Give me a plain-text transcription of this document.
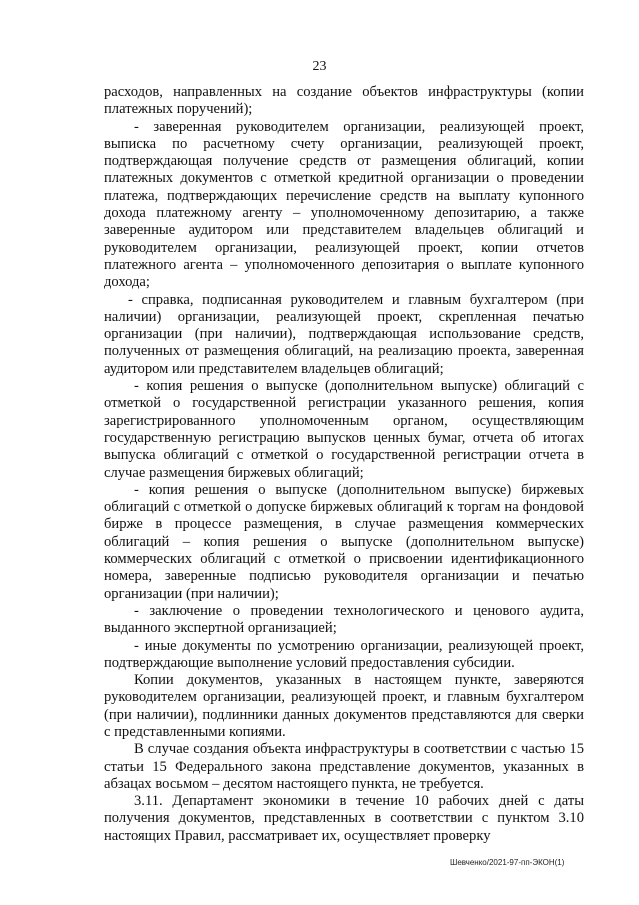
23

расходов, направленных на создание объектов инфраструктуры (копии платежных поручений);

- заверенная руководителем организации, реализующей проект, выписка по расчетному счету организации, реализующей проект, подтверждающая получение средств от размещения облигаций, копии платежных документов с отметкой кредитной организации о проведении платежа, подтверждающих перечисление средств на выплату купонного дохода платежному агенту – уполномоченному депозитарию, а также заверенные аудитором или представителем владельцев облигаций и руководителем организации, реализующей проект, копии отчетов платежного агента – уполномоченного депозитария о выплате купонного дохода;

- справка, подписанная руководителем и главным бухгалтером (при наличии) организации, реализующей проект, скрепленная печатью организации (при наличии), подтверждающая использование средств, полученных от размещения облигаций, на реализацию проекта, заверенная аудитором или представителем владельцев облигаций;

- копия решения о выпуске (дополнительном выпуске) облигаций с отметкой о государственной регистрации указанного решения, копия зарегистрированного уполномоченным органом, осуществляющим государственную регистрацию выпусков ценных бумаг, отчета об итогах выпуска облигаций с отметкой о государственной регистрации отчета в случае размещения биржевых облигаций;

- копия решения о выпуске (дополнительном выпуске) биржевых облигаций с отметкой о допуске биржевых облигаций к торгам на фондовой бирже в процессе размещения, в случае размещения коммерческих облигаций – копия решения о выпуске (дополнительном выпуске) коммерческих облигаций с отметкой о присвоении идентификационного номера, заверенные подписью руководителя организации и печатью организации (при наличии);

- заключение о проведении технологического и ценового аудита, выданного экспертной организацией;

- иные документы по усмотрению организации, реализующей проект, подтверждающие выполнение условий предоставления субсидии.

Копии документов, указанных в настоящем пункте, заверяются руководителем организации, реализующей проект, и главным бухгалтером (при наличии), подлинники данных документов представляются для сверки с представленными копиями.

В случае создания объекта инфраструктуры в соответствии с частью 15 статьи 15 Федерального закона представление документов, указанных в абзацах восьмом – десятом настоящего пункта, не требуется.

3.11. Департамент экономики в течение 10 рабочих дней с даты получения документов, представленных в соответствии с пунктом 3.10 настоящих Правил, рассматривает их, осуществляет проверку

Шевченко/2021-97-пп-ЭКОН(1)
